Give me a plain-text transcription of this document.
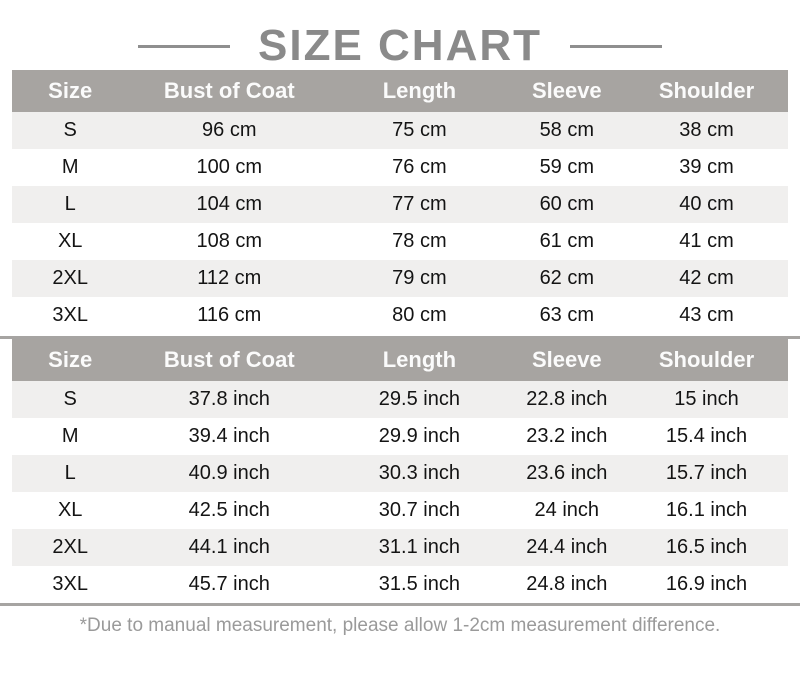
SIZE CHART
Size	Bust of Coat	Length	Sleeve	Shoulder
S	96 cm	75 cm	58 cm	38 cm
M	100 cm	76 cm	59 cm	39 cm
L	104 cm	77 cm	60 cm	40 cm
XL	108 cm	78 cm	61 cm	41 cm
2XL	112 cm	79 cm	62 cm	42 cm
3XL	116 cm	80 cm	63 cm	43 cm
Size	Bust of Coat	Length	Sleeve	Shoulder
S	37.8 inch	29.5 inch	22.8 inch	15 inch
M	39.4 inch	29.9 inch	23.2 inch	15.4 inch
L	40.9 inch	30.3 inch	23.6 inch	15.7 inch
XL	42.5 inch	30.7 inch	24 inch	16.1 inch
2XL	44.1 inch	31.1 inch	24.4 inch	16.5 inch
3XL	45.7 inch	31.5 inch	24.8 inch	16.9 inch
*Due to manual measurement, please allow 1-2cm measurement difference.
